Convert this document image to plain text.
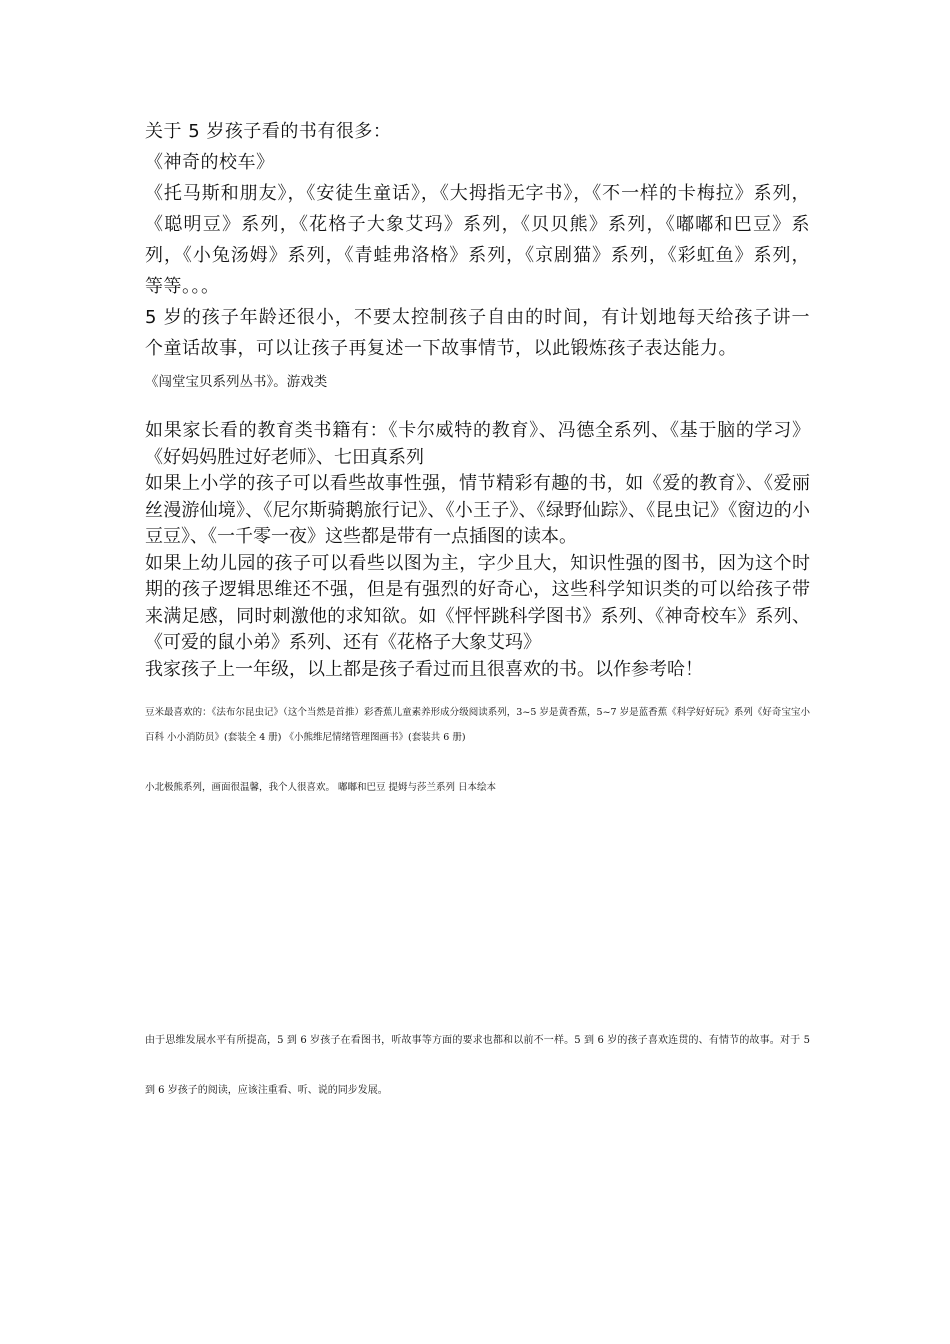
关于 5 岁孩子看的书有很多：

《神奇的校车》

《托马斯和朋友》，《安徒生童话》，《大拇指无字书》，《不一样的卡梅拉》系列，《聪明豆》系列，《花格子大象艾玛》系列，《贝贝熊》系列，《嘟嘟和巴豆》系列，《小兔汤姆》系列，《青蛙弗洛格》系列，《京剧猫》系列，《彩虹鱼》系列，等等。。。

5 岁的孩子年龄还很小，不要太控制孩子自由的时间，有计划地每天给孩子讲一个童话故事，可以让孩子再复述一下故事情节，以此锻炼孩子表达能力。

《闯堂宝贝系列丛书》。游戏类

如果家长看的教育类书籍有：《卡尔威特的教育》、冯德全系列、《基于脑的学习》《好妈妈胜过好老师》、七田真系列

如果上小学的孩子可以看些故事性强，情节精彩有趣的书，如《爱的教育》、《爱丽丝漫游仙境》、《尼尔斯骑鹅旅行记》、《小王子》、《绿野仙踪》、《昆虫记》《窗边的小豆豆》、《一千零一夜》这些都是带有一点插图的读本。

如果上幼儿园的孩子可以看些以图为主，字少且大，知识性强的图书，因为这个时期的孩子逻辑思维还不强，但是有强烈的好奇心，这些科学知识类的可以给孩子带来满足感，同时刺激他的求知欲。如《怦怦跳科学图书》系列、《神奇校车》系列、《可爱的鼠小弟》系列、还有《花格子大象艾玛》

我家孩子上一年级，以上都是孩子看过而且很喜欢的书。以作参考哈！

豆米最喜欢的：《法布尔昆虫记》（这个当然是首推）彩香蕉儿童素养形成分级阅读系列，3~5 岁是黄香蕉，5~7 岁是蓝香蕉《科学好好玩》系列《好奇宝宝小百科 小小消防员》(套装全 4 册) 《小熊维尼情绪管理图画书》(套装共 6 册)
小北极熊系列，画面很温馨，我个人很喜欢。 嘟嘟和巴豆 提姆与莎兰系列 日本绘本
由于思维发展水平有所提高，5 到 6 岁孩子在看图书，听故事等方面的要求也都和以前不一样。5 到 6 岁的孩子喜欢连贯的、有情节的故事。对于 5 到 6 岁孩子的阅读，应该注重看、听、说的同步发展。
